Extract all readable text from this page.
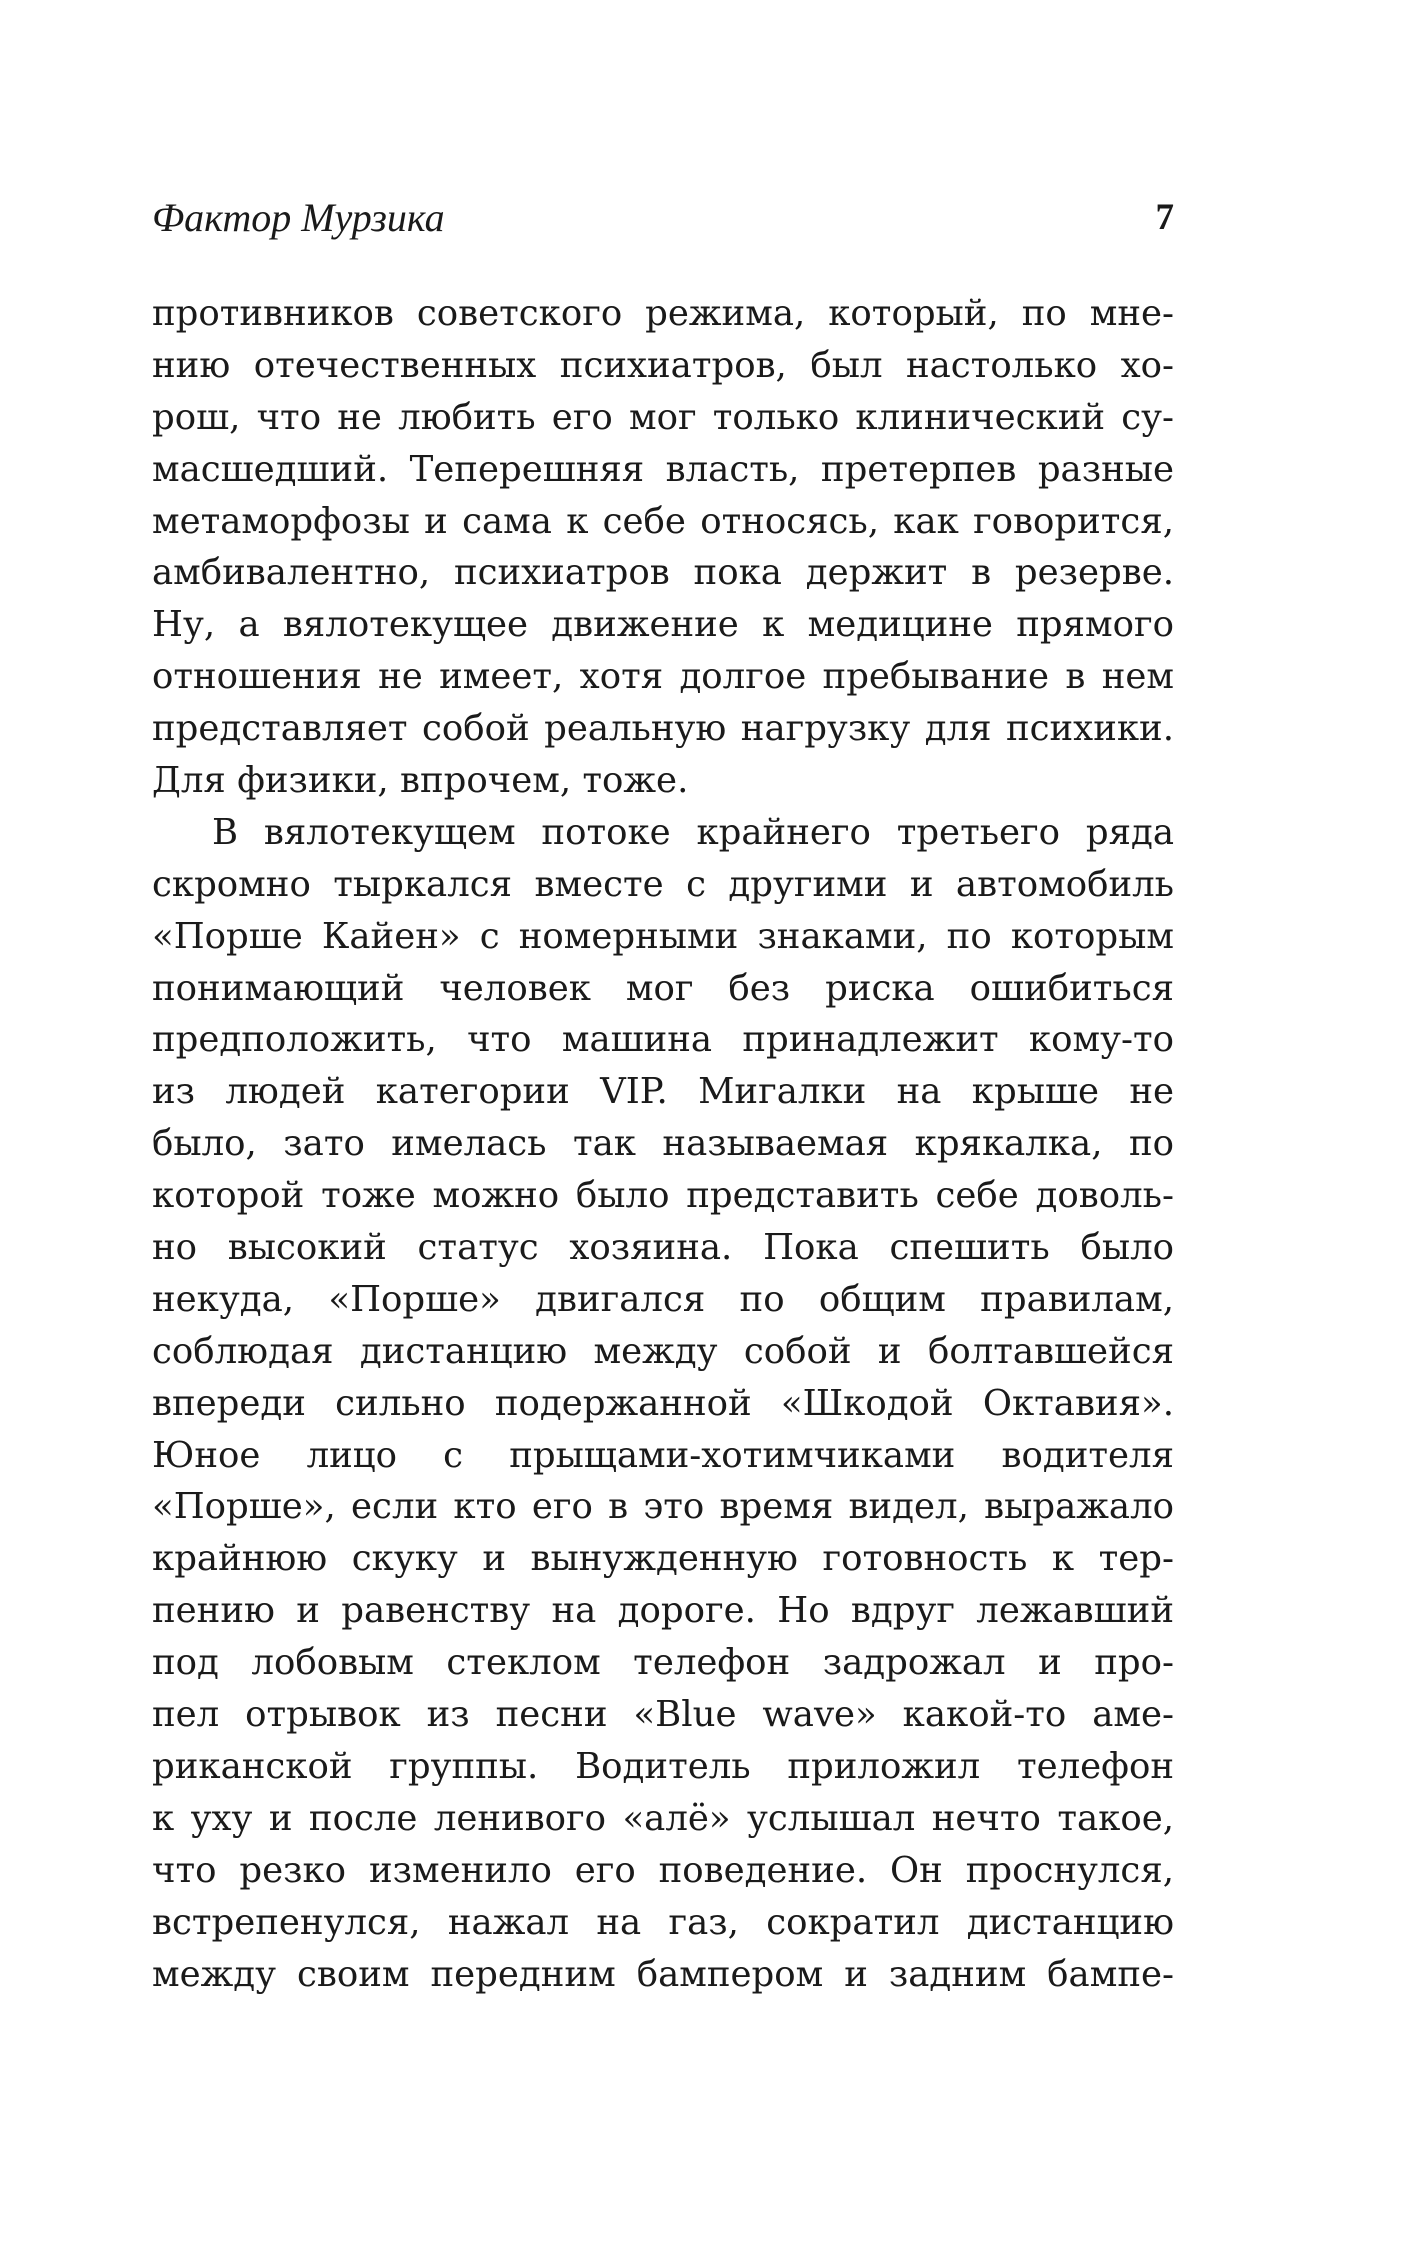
Фактор Мурзика	7
противников советского режима, который, по мне-
нию отечественных психиатров, был настолько хо-
рош, что не любить его мог только клинический су-
масшедший. Теперешняя власть, претерпев разные
метаморфозы и сама к себе относясь, как говорится,
амбивалентно, психиатров пока держит в резерве.
Ну, а вялотекущее движение к медицине прямого
отношения не имеет, хотя долгое пребывание в нем
представляет собой реальную нагрузку для психики.
Для физики, впрочем, тоже.
В вялотекущем потоке крайнего третьего ряда
скромно тыркался вместе с другими и автомобиль
«Порше Кайен» с номерными знаками, по которым
понимающий человек мог без риска ошибиться
предположить, что машина принадлежит кому-то
из людей категории VIP. Мигалки на крыше не
было, зато имелась так называемая крякалка, по
которой тоже можно было представить себе доволь-
но высокий статус хозяина. Пока спешить было
некуда, «Порше» двигался по общим правилам,
соблюдая дистанцию между собой и болтавшейся
впереди сильно подержанной «Шкодой Октавия».
Юное лицо с прыщами-хотимчиками водителя
«Порше», если кто его в это время видел, выражало
крайнюю скуку и вынужденную готовность к тер-
пению и равенству на дороге. Но вдруг лежавший
под лобовым стеклом телефон задрожал и про-
пел отрывок из песни «Blue wave» какой-то аме-
риканской группы. Водитель приложил телефон
к уху и после ленивого «алё» услышал нечто такое,
что резко изменило его поведение. Он проснулся,
встрепенулся, нажал на газ, сократил дистанцию
между своим передним бампером и задним бампе-
